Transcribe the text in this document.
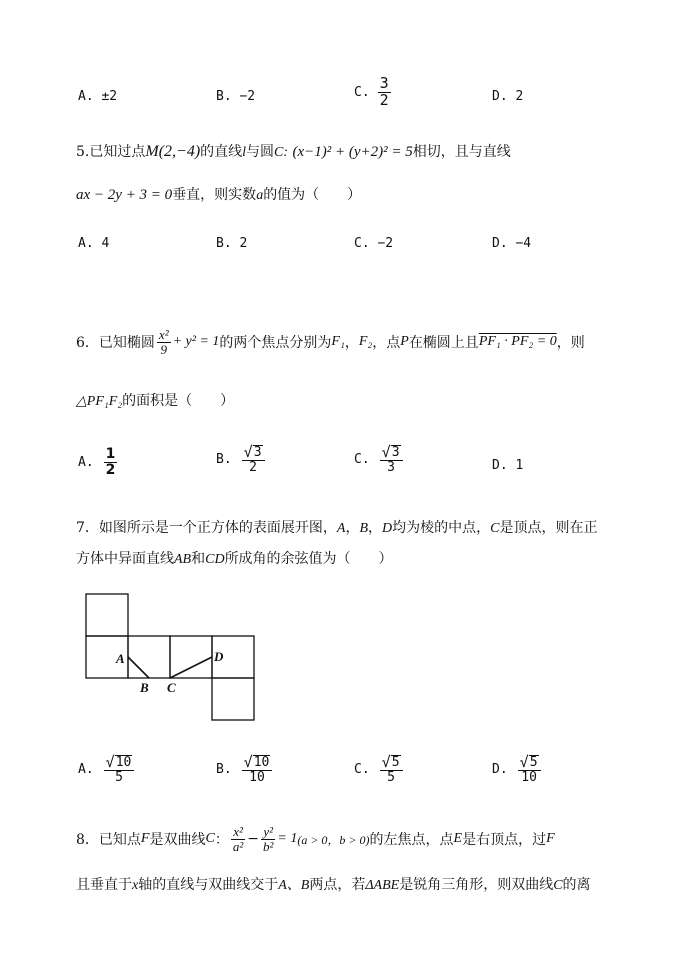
A. ±2	B. −2	C. $\frac{3}{2}$	D. 2
5.已知过点M(2,−4)的直线l与圆C: (x−1)² + (y+2)² = 5相切，且与直线
ax − 2y + 3 = 0垂直，则实数a的值为（　　）
A. 4	B. 2	C. −2	D. −4
6．已知椭圆 $\frac{\text{x²}}{9} + y^2 = 1$ 的两个焦点分别为 F₁ ， F₂ ，点 P 在椭圆上且 PF₁ · PF₂ = 0 ，则
△PF₁F₂的面积是（　　）
A. $\frac{1}{2}$	B. $\frac{√ 3}{2}$	C. $\frac{√ 3}{3}$	D. 1
7．如图所示是一个正方体的表面展开图，A，B，D均为棱的中点，C是顶点，则在正
方体中异面直线AB和CD所成角的余弦值为（　　）
A
B C
D
A. $\frac{√ 10}{5}$	B. $\frac{√ 10}{10}$	C. $\frac{√ 5}{5}$	D. $\frac{√ 5}{10}$
8．已知点 F 是双曲线 C ： $\frac{\text{x²}}{\text{a²}} - \frac{\text{y²}}{\text{b²}} = 1$ (a > 0，b > 0) 的左焦点，点 E 是右顶点，过 F
且垂直于x轴的直线与双曲线交于A、B两点，若ΔABE是锐角三角形，则双曲线C的离
